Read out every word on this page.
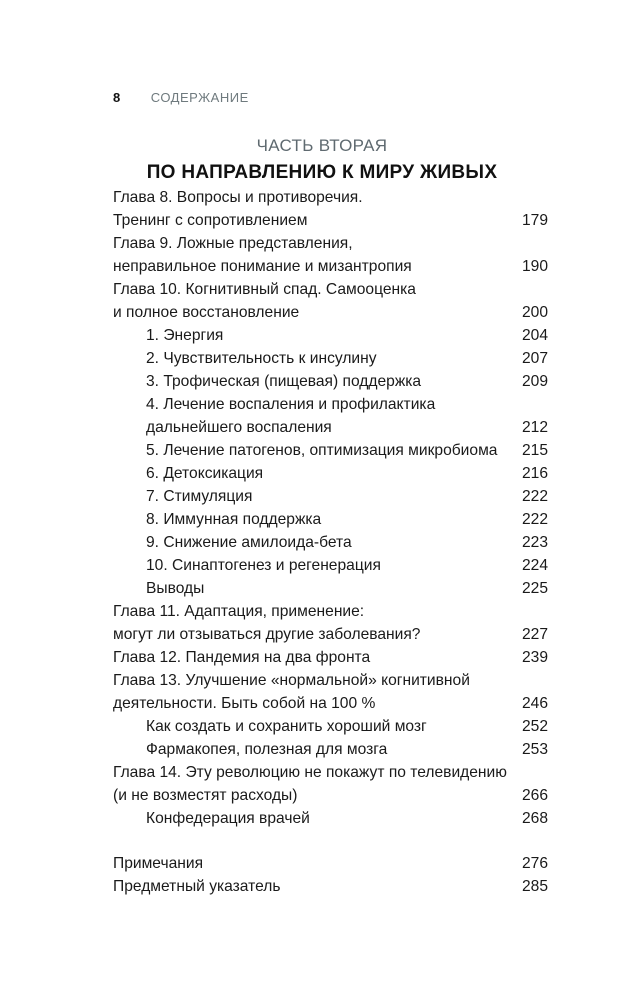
8 СОДЕРЖАНИЕ
ЧАСТЬ ВТОРАЯ
ПО НАПРАВЛЕНИЮ К МИРУ ЖИВЫХ
Глава 8. Вопросы и противоречия.
Тренинг с сопротивлением	179
Глава 9. Ложные представления,
неправильное понимание и мизантропия	190
Глава 10. Когнитивный спад. Самооценка
и полное восстановление	200
1. Энергия	204
2. Чувствительность к инсулину	207
3. Трофическая (пищевая) поддержка	209
4. Лечение воспаления и профилактика
дальнейшего воспаления	212
5. Лечение патогенов, оптимизация микробиома 215
6. Детоксикация	216
7. Стимуляция	222
8. Иммунная поддержка	222
9. Снижение амилоида-бета	223
10. Синаптогенез и регенерация	224
Выводы	225
Глава 11. Адаптация, применение:
могут ли отзываться другие заболевания?	227
Глава 12. Пандемия на два фронта	239
Глава 13. Улучшение «нормальной» когнитивной
деятельности. Быть собой на 100 %	246
Как создать и сохранить хороший мозг	252
Фармакопея, полезная для мозга	253
Глава 14. Эту революцию не покажут по телевидению
(и не возместят расходы)	266
Конфедерация врачей	268
Примечания	276
Предметный указатель	285
